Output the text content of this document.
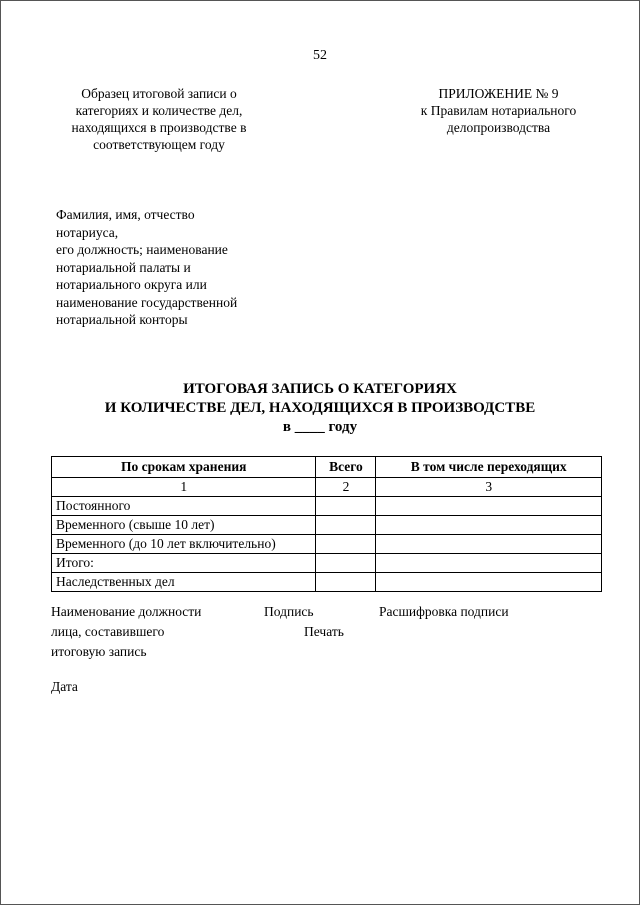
52
Образец итоговой записи о
категориях и количестве дел,
находящихся в производстве в
соответствующем году
ПРИЛОЖЕНИЕ № 9
к Правилам нотариального
делопроизводства
Фамилия, имя, отчество
нотариуса,
его должность; наименование
нотариальной палаты и
нотариального округа или
наименование государственной
нотариальной конторы
ИТОГОВАЯ ЗАПИСЬ О КАТЕГОРИЯХ
И КОЛИЧЕСТВЕ ДЕЛ, НАХОДЯЩИХСЯ В ПРОИЗВОДСТВЕ
в ____ году
По срокам хранения	Всего	В том числе переходящих
1	2	3
Постоянного		
Временного (свыше 10 лет)		
Временного (до 10 лет включительно)		
Итого:		
Наследственных дел		
Наименование должности	Подпись	Расшифровка подписи
лица, составившего	Печать
итоговую запись
Дата
